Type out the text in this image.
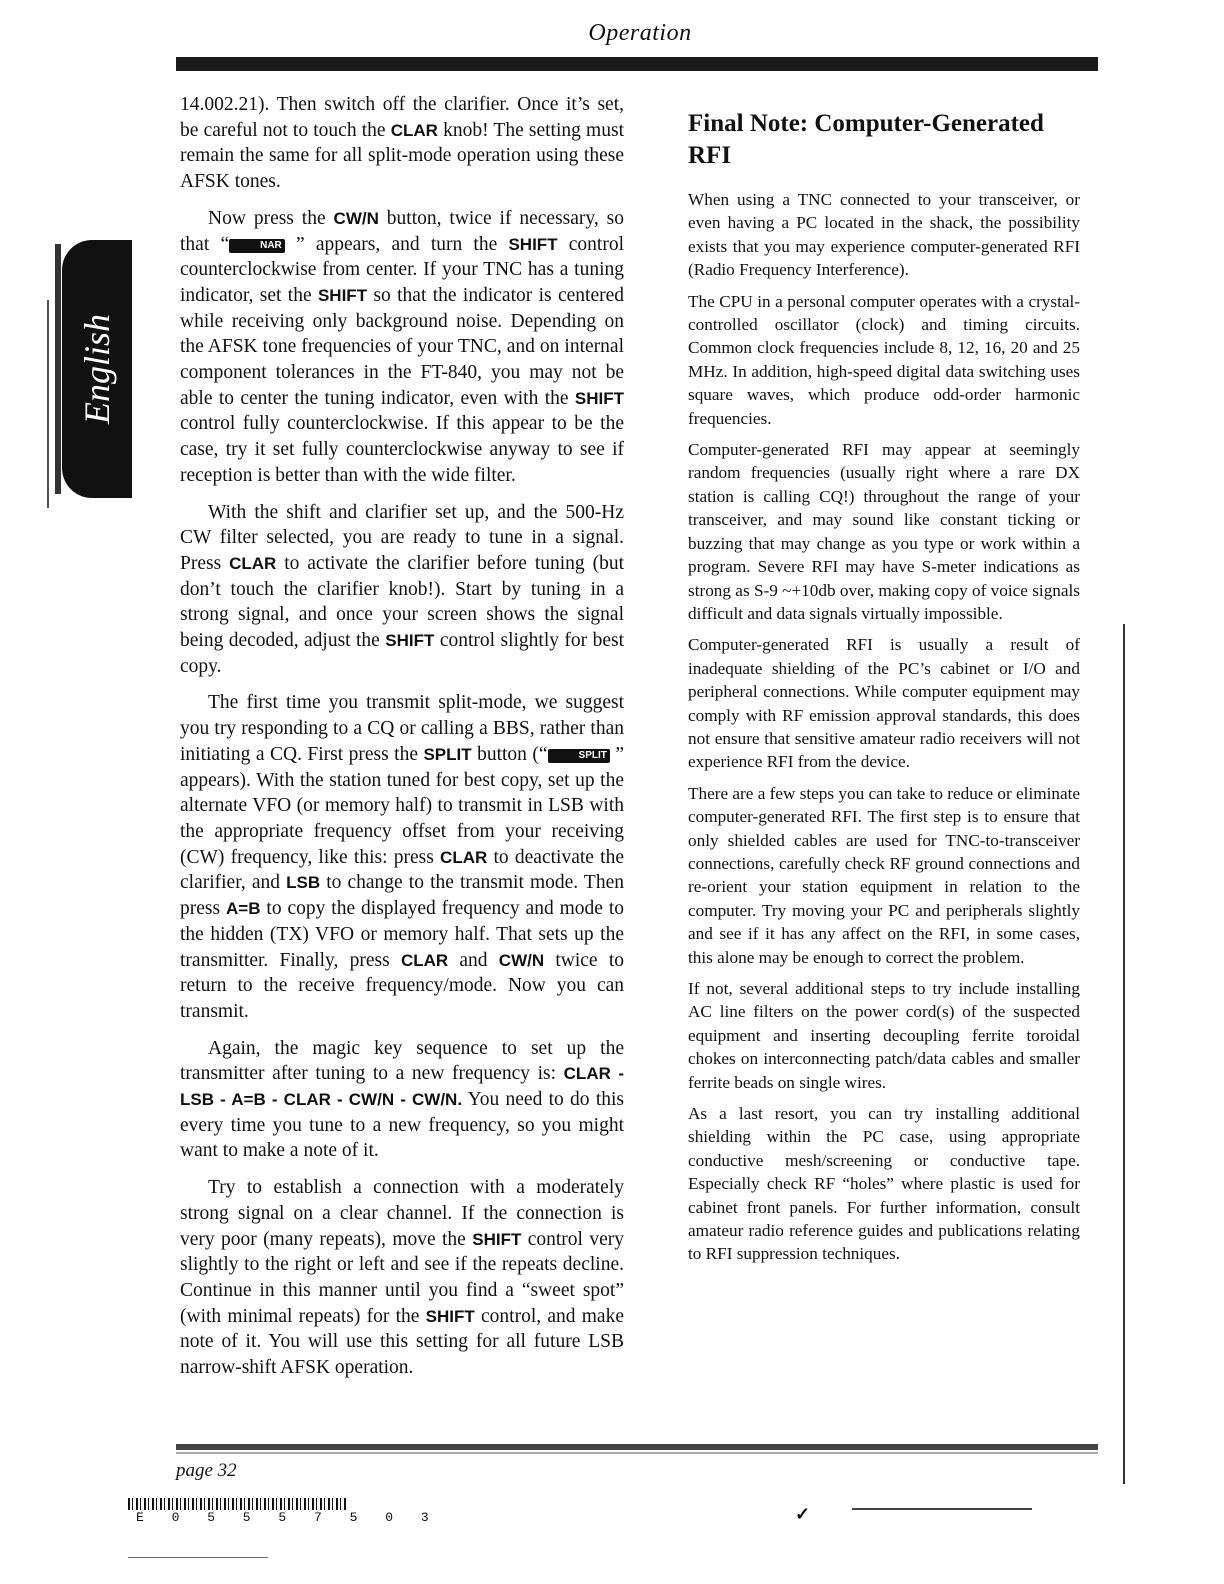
Operation
English

14.002.21). Then switch off the clarifier. Once it’s set, be careful not to touch the CLAR knob! The setting must remain the same for all split-mode operation using these AFSK tones.

Now press the CW/N button, twice if necessary, so that “	NAR ” appears, and turn the SHIFT control counterclockwise from center. If your TNC has a tuning indicator, set the SHIFT so that the indicator is centered while receiving only background noise. Depending on the AFSK tone frequencies of your TNC, and on internal component tolerances in the FT-840, you may not be able to center the tuning indicator, even with the SHIFT control fully counterclockwise. If this appear to be the case, try it set fully counterclockwise anyway to see if reception is better than with the wide filter.

With the shift and clarifier set up, and the 500-Hz CW filter selected, you are ready to tune in a signal. Press CLAR to activate the clarifier before tuning (but don’t touch the clarifier knob!). Start by tuning in a strong signal, and once your screen shows the signal being decoded, adjust the SHIFT control slightly for best copy.

The first time you transmit split-mode, we suggest you try responding to a CQ or calling a BBS, rather than initiating a CQ. First press the SPLIT button (“	SPLIT ” appears). With the station tuned for best copy, set up the alternate VFO (or memory half) to transmit in LSB with the appropriate frequency offset from your receiving (CW) frequency, like this: press CLAR to deactivate the clarifier, and LSB to change to the transmit mode. Then press A=B to copy the displayed frequency and mode to the hidden (TX) VFO or memory half. That sets up the transmitter. Finally, press CLAR and CW/N twice to return to the receive frequency/mode. Now you can transmit.

Again, the magic key sequence to set up the transmitter after tuning to a new frequency is: CLAR - LSB - A=B - CLAR - CW/N - CW/N. You need to do this every time you tune to a new frequency, so you might want to make a note of it.

Try to establish a connection with a moderately strong signal on a clear channel. If the connection is very poor (many repeats), move the SHIFT control very slightly to the right or left and see if the repeats decline. Continue in this manner until you find a “sweet spot” (with minimal repeats) for the SHIFT control, and make note of it. You will use this setting for all future LSB narrow-shift AFSK operation.

Final Note: Computer-Generated RFI

When using a TNC connected to your transceiver, or even having a PC located in the shack, the possibility exists that you may experience computer-generated RFI (Radio Frequency Interference).

The CPU in a personal computer operates with a crystal-controlled oscillator (clock) and timing circuits. Common clock frequencies include 8, 12, 16, 20 and 25 MHz. In addition, high-speed digital data switching uses square waves, which produce odd-order harmonic frequencies.

Computer-generated RFI may appear at seemingly random frequencies (usually right where a rare DX station is calling CQ!) throughout the range of your transceiver, and may sound like constant ticking or buzzing that may change as you type or work within a program. Severe RFI may have S-meter indications as strong as S-9 ~+10db over, making copy of voice signals difficult and data signals virtually impossible.

Computer-generated RFI is usually a result of inadequate shielding of the PC’s cabinet or I/O and peripheral connections. While computer equipment may comply with RF emission approval standards, this does not ensure that sensitive amateur radio receivers will not experience RFI from the device.

There are a few steps you can take to reduce or eliminate computer-generated RFI. The first step is to ensure that only shielded cables are used for TNC-to-transceiver connections, carefully check RF ground connections and re-orient your station equipment in relation to the computer. Try moving your PC and peripherals slightly and see if it has any affect on the RFI, in some cases, this alone may be enough to correct the problem.

If not, several additional steps to try include installing AC line filters on the power cord(s) of the suspected equipment and inserting decoupling ferrite toroidal chokes on interconnecting patch/data cables and smaller ferrite beads on single wires.

As a last resort, you can try installing additional shielding within the PC case, using appropriate conductive mesh/screening or conductive tape. Especially check RF “holes” where plastic is used for cabinet front panels. For further information, consult amateur radio reference guides and publications relating to RFI suppression techniques.

page 32
E 0 5 5 5 7 5 0 3	✓
